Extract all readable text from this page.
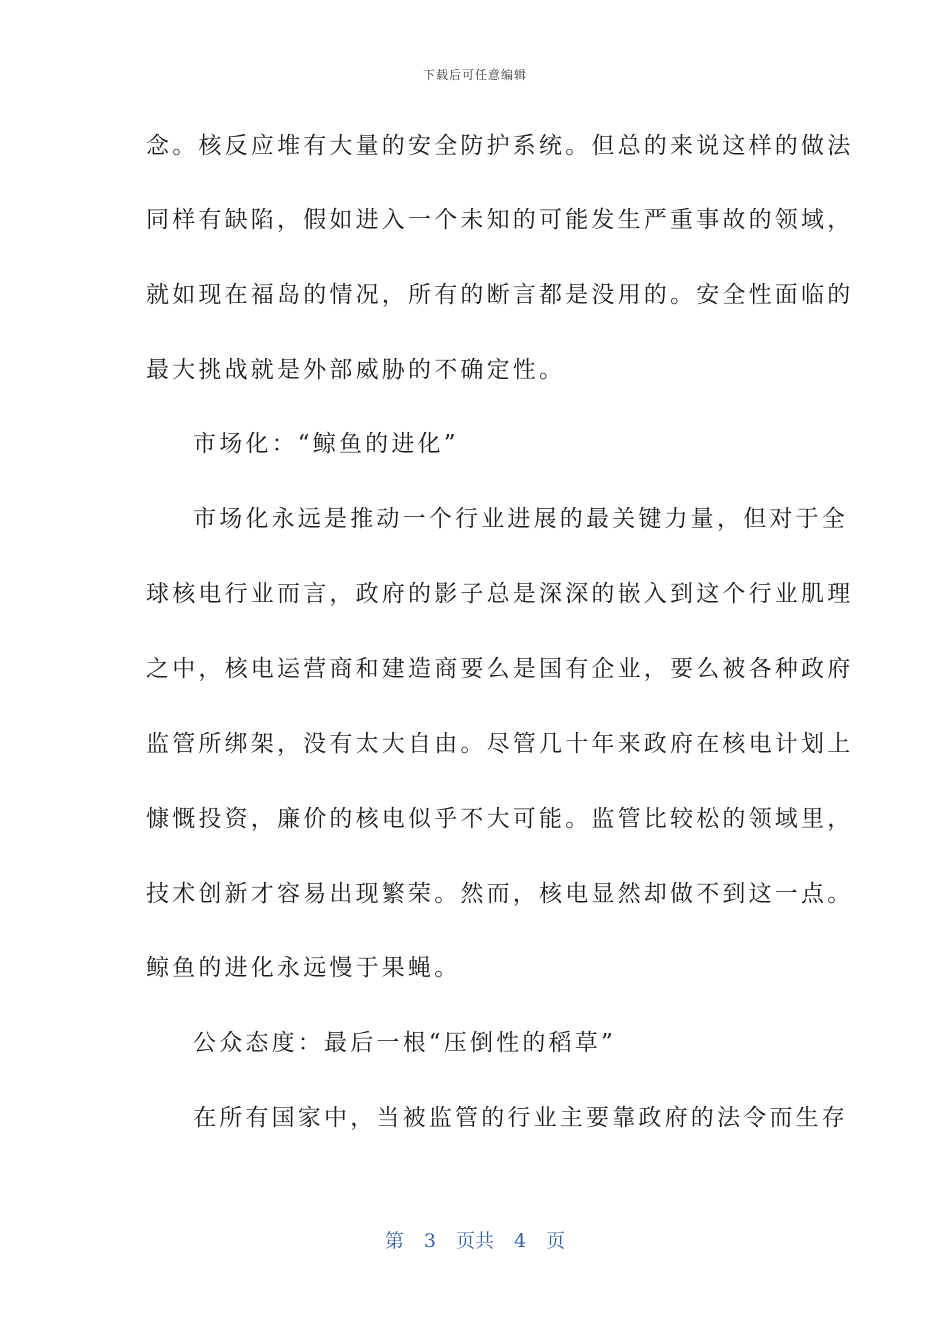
下载后可任意编辑
念。核反应堆有大量的安全防护系统。但总的来说这样的做法
同样有缺陷，假如进入一个未知的可能发生严重事故的领域，
就如现在福岛的情况，所有的断言都是没用的。安全性面临的
最大挑战就是外部威胁的不确定性。
市场化：“鲸鱼的进化”
市场化永远是推动一个行业进展的最关键力量，但对于全
球核电行业而言，政府的影子总是深深的嵌入到这个行业肌理
之中，核电运营商和建造商要么是国有企业，要么被各种政府
监管所绑架，没有太大自由。尽管几十年来政府在核电计划上
慷慨投资，廉价的核电似乎不大可能。监管比较松的领域里，
技术创新才容易出现繁荣。然而，核电显然却做不到这一点。
鲸鱼的进化永远慢于果蝇。
公众态度：最后一根“压倒性的稻草”
在所有国家中，当被监管的行业主要靠政府的法令而生存
第 3 页共 4 页
